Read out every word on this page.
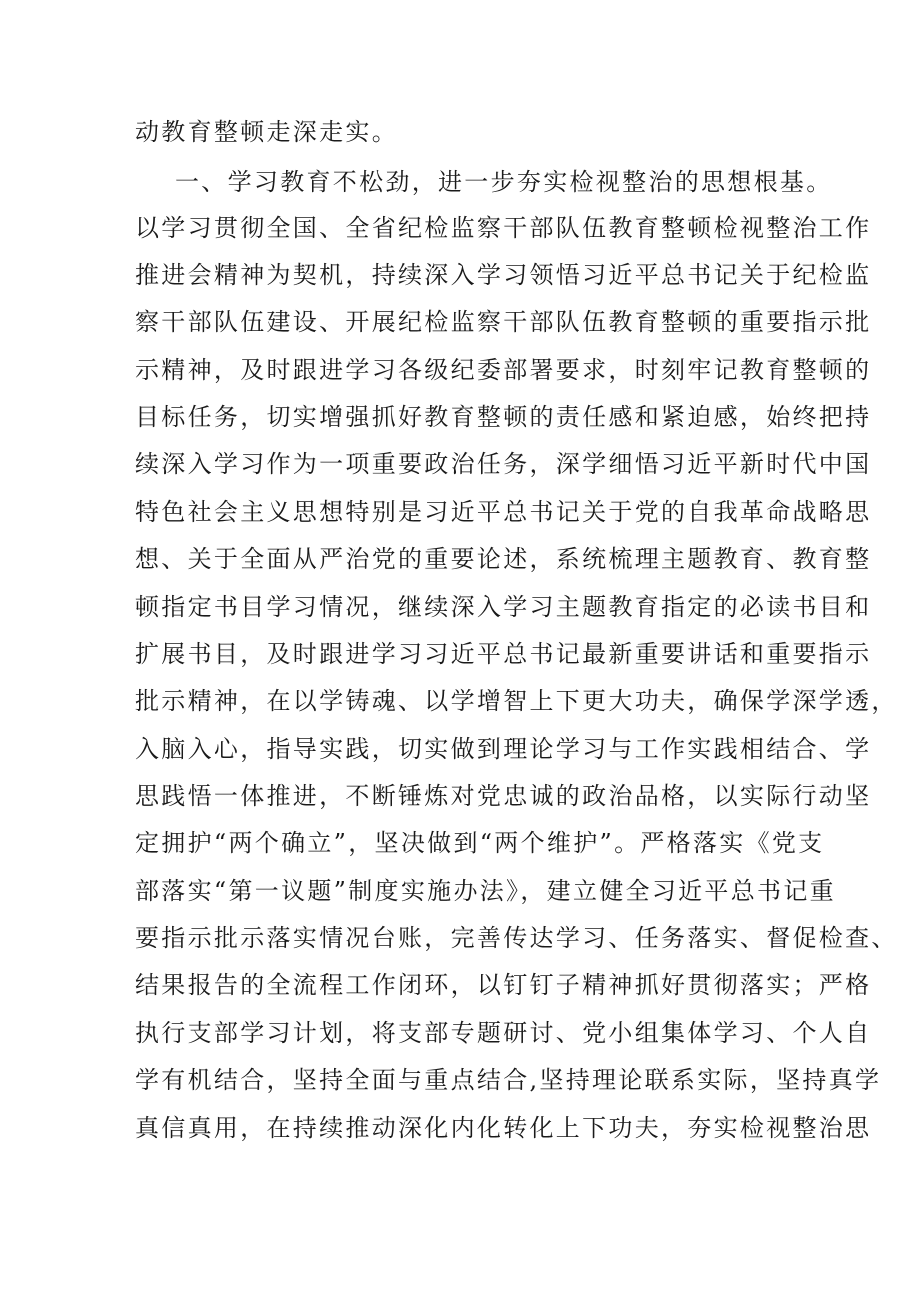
动教育整顿走深走实。
一、学习教育不松劲，进一步夯实检视整治的思想根基。
以学习贯彻全国、全省纪检监察干部队伍教育整顿检视整治工作
推进会精神为契机，持续深入学习领悟习近平总书记关于纪检监
察干部队伍建设、开展纪检监察干部队伍教育整顿的重要指示批
示精神，及时跟进学习各级纪委部署要求，时刻牢记教育整顿的
目标任务，切实增强抓好教育整顿的责任感和紧迫感，始终把持
续深入学习作为一项重要政治任务，深学细悟习近平新时代中国
特色社会主义思想特别是习近平总书记关于党的自我革命战略思
想、关于全面从严治党的重要论述，系统梳理主题教育、教育整
顿指定书目学习情况，继续深入学习主题教育指定的必读书目和
扩展书目，及时跟进学习习近平总书记最新重要讲话和重要指示
批示精神，在以学铸魂、以学增智上下更大功夫，确保学深学透，
入脑入心，指导实践，切实做到理论学习与工作实践相结合、学
思践悟一体推进，不断锤炼对党忠诚的政治品格，以实际行动坚
定拥护“两个确立”，坚决做到“两个维护”。严格落实《党支
部落实“第一议题”制度实施办法》，建立健全习近平总书记重
要指示批示落实情况台账，完善传达学习、任务落实、督促检查、
结果报告的全流程工作闭环，以钉钉子精神抓好贯彻落实；严格
执行支部学习计划，将支部专题研讨、党小组集体学习、个人自
学有机结合，坚持全面与重点结合,坚持理论联系实际，坚持真学
真信真用，在持续推动深化内化转化上下功夫，夯实检视整治思
